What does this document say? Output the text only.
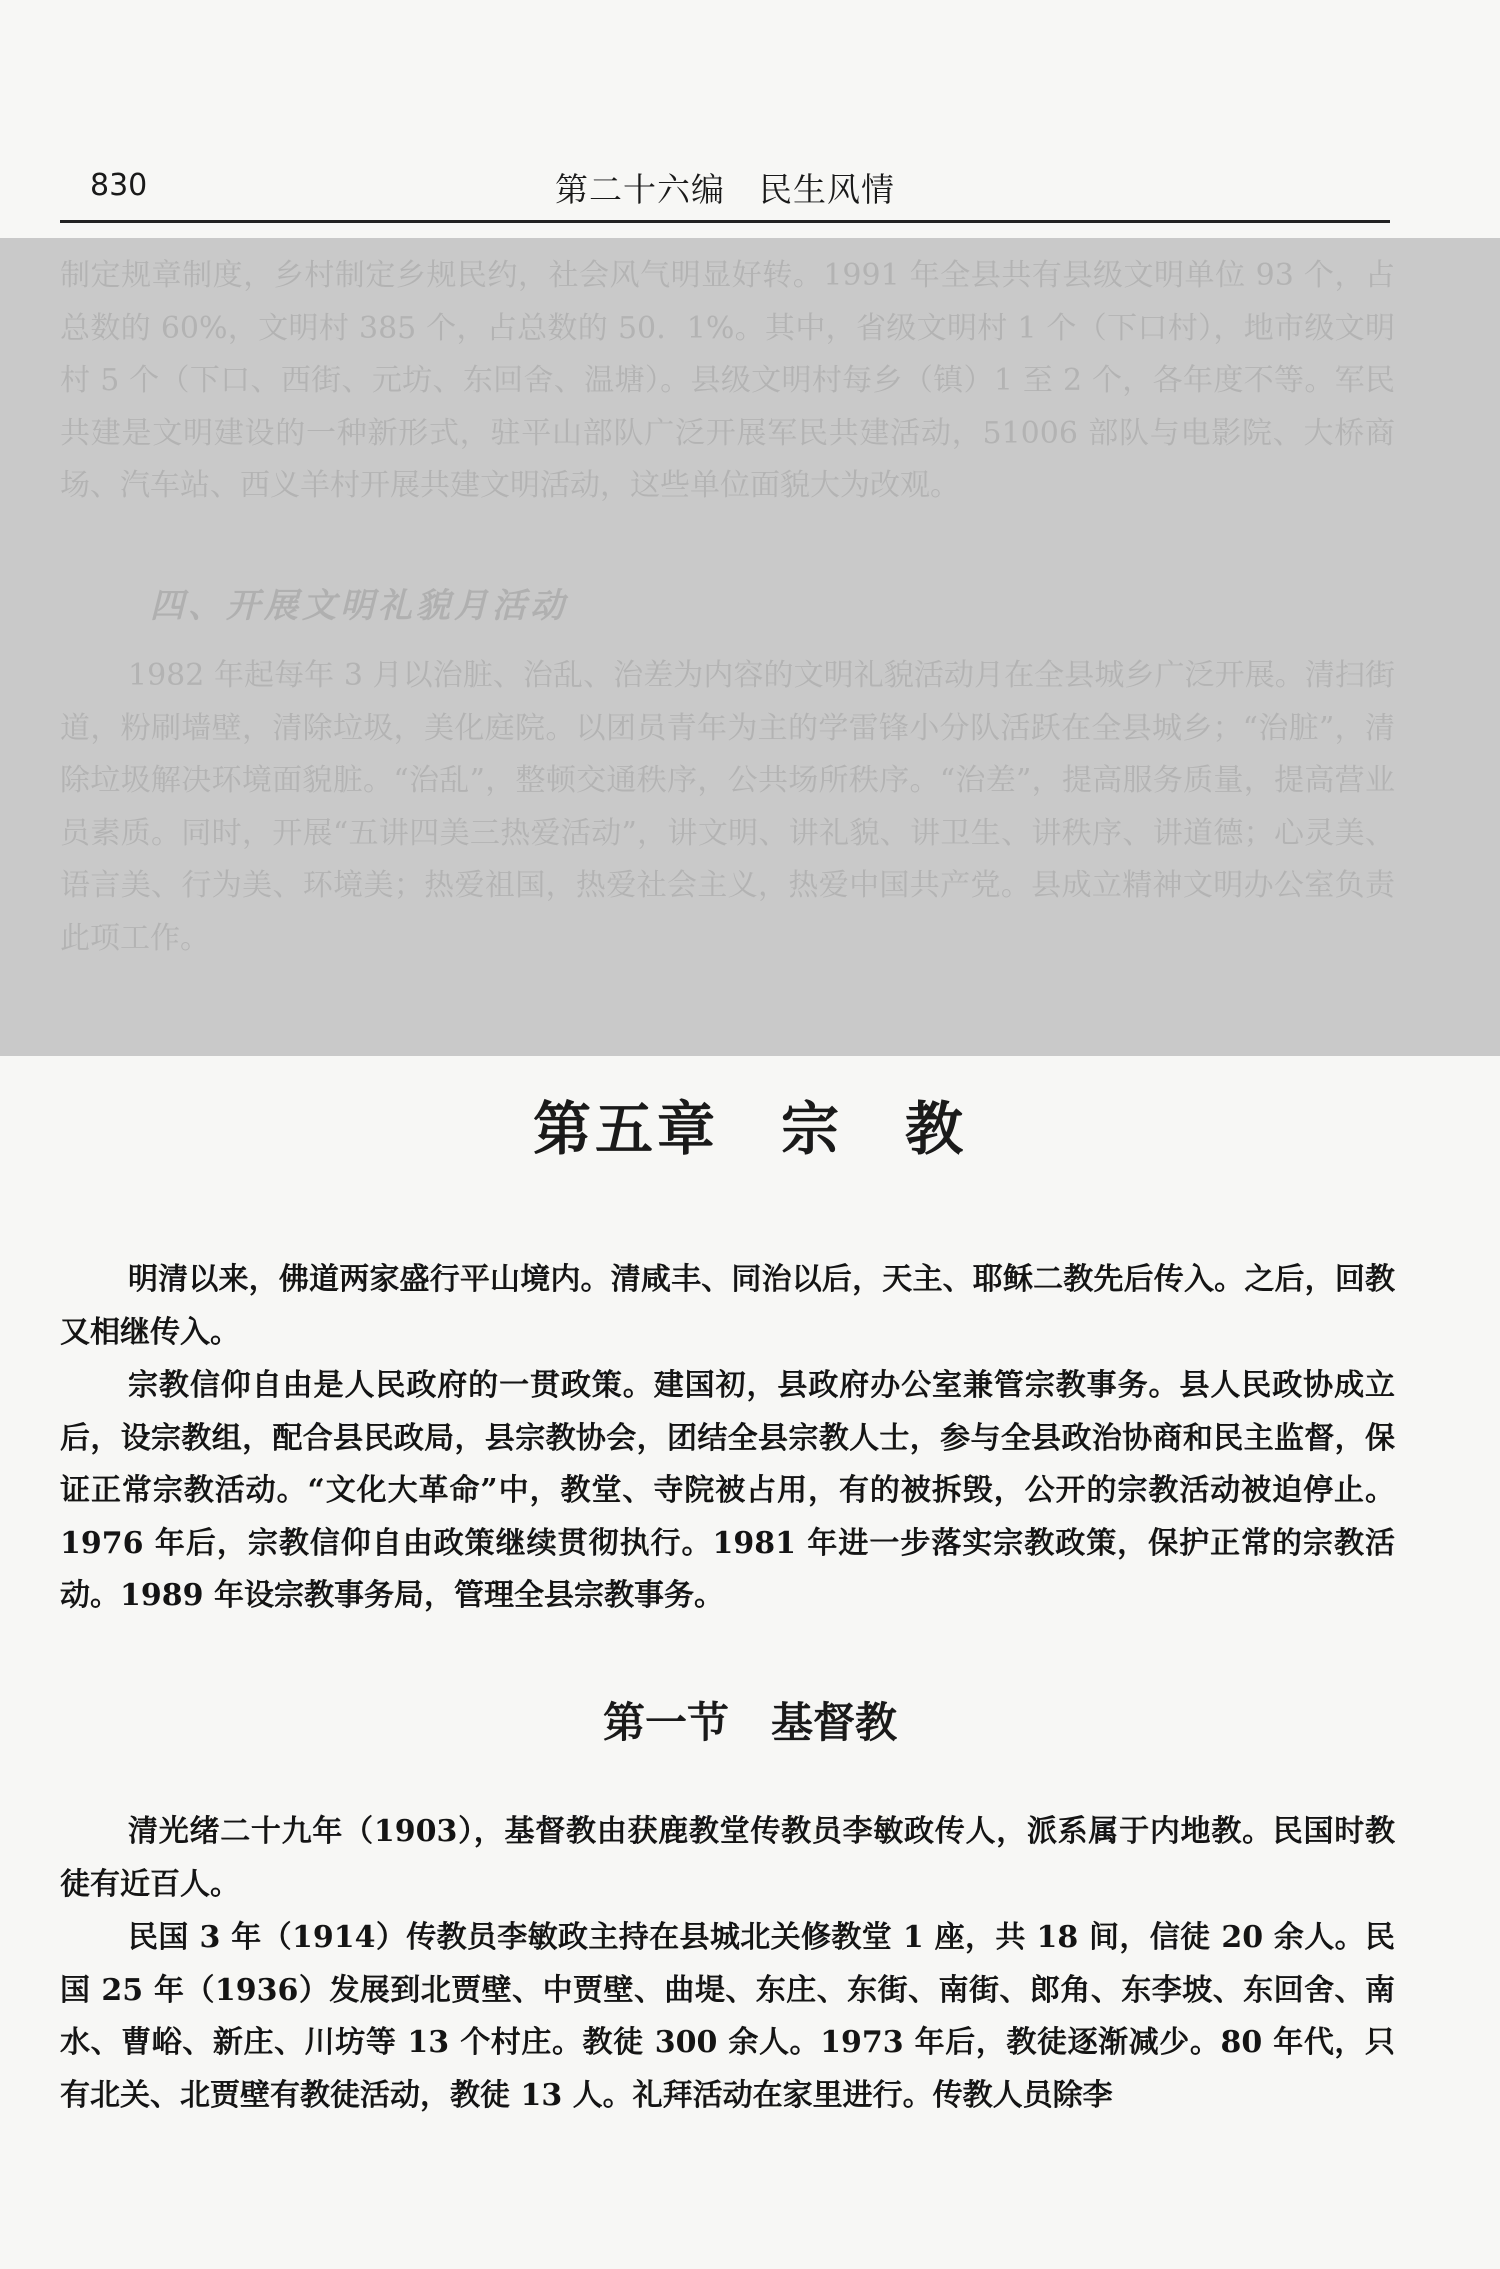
830	第二十六编　民生风情

制定规章制度，乡村制定乡规民约，社会风气明显好转。1991 年全县共有县级文明单位 93 个，占总数的 60%，文明村 385 个，占总数的 50．1%。其中，省级文明村 1 个（下口村），地市级文明村 5 个（下口、西街、元坊、东回舍、温塘）。县级文明村每乡（镇）1 至 2 个，各年度不等。军民共建是文明建设的一种新形式，驻平山部队广泛开展军民共建活动，51006 部队与电影院、大桥商场、汽车站、西义羊村开展共建文明活动，这些单位面貌大为改观。

四、开展文明礼貌月活动

1982 年起每年 3 月以治脏、治乱、治差为内容的文明礼貌活动月在全县城乡广泛开展。清扫街道，粉刷墙壁，清除垃圾，美化庭院。以团员青年为主的学雷锋小分队活跃在全县城乡；“治脏”，清除垃圾解决环境面貌脏。“治乱”，整顿交通秩序，公共场所秩序。“治差”，提高服务质量，提高营业员素质。同时，开展“五讲四美三热爱活动”，讲文明、讲礼貌、讲卫生、讲秩序、讲道德；心灵美、语言美、行为美、环境美；热爱祖国，热爱社会主义，热爱中国共产党。县成立精神文明办公室负责此项工作。

第五章　宗　教

明清以来，佛道两家盛行平山境内。清咸丰、同治以后，天主、耶稣二教先后传入。之后，回教又相继传入。

宗教信仰自由是人民政府的一贯政策。建国初，县政府办公室兼管宗教事务。县人民政协成立后，设宗教组，配合县民政局，县宗教协会，团结全县宗教人士，参与全县政治协商和民主监督，保证正常宗教活动。“文化大革命”中，教堂、寺院被占用，有的被拆毁，公开的宗教活动被迫停止。1976 年后，宗教信仰自由政策继续贯彻执行。1981 年进一步落实宗教政策，保护正常的宗教活动。1989 年设宗教事务局，管理全县宗教事务。

第一节　基督教

清光绪二十九年（1903），基督教由获鹿教堂传教员李敏政传人，派系属于内地教。民国时教徒有近百人。

民国 3 年（1914）传教员李敏政主持在县城北关修教堂 1 座，共 18 间，信徒 20 余人。民国 25 年（1936）发展到北贾壁、中贾壁、曲堤、东庄、东街、南街、郎角、东李坡、东回舍、南水、曹峪、新庄、川坊等 13 个村庄。教徒 300 余人。1973 年后，教徒逐渐减少。80 年代，只有北关、北贾壁有教徒活动，教徒 13 人。礼拜活动在家里进行。传教人员除李
